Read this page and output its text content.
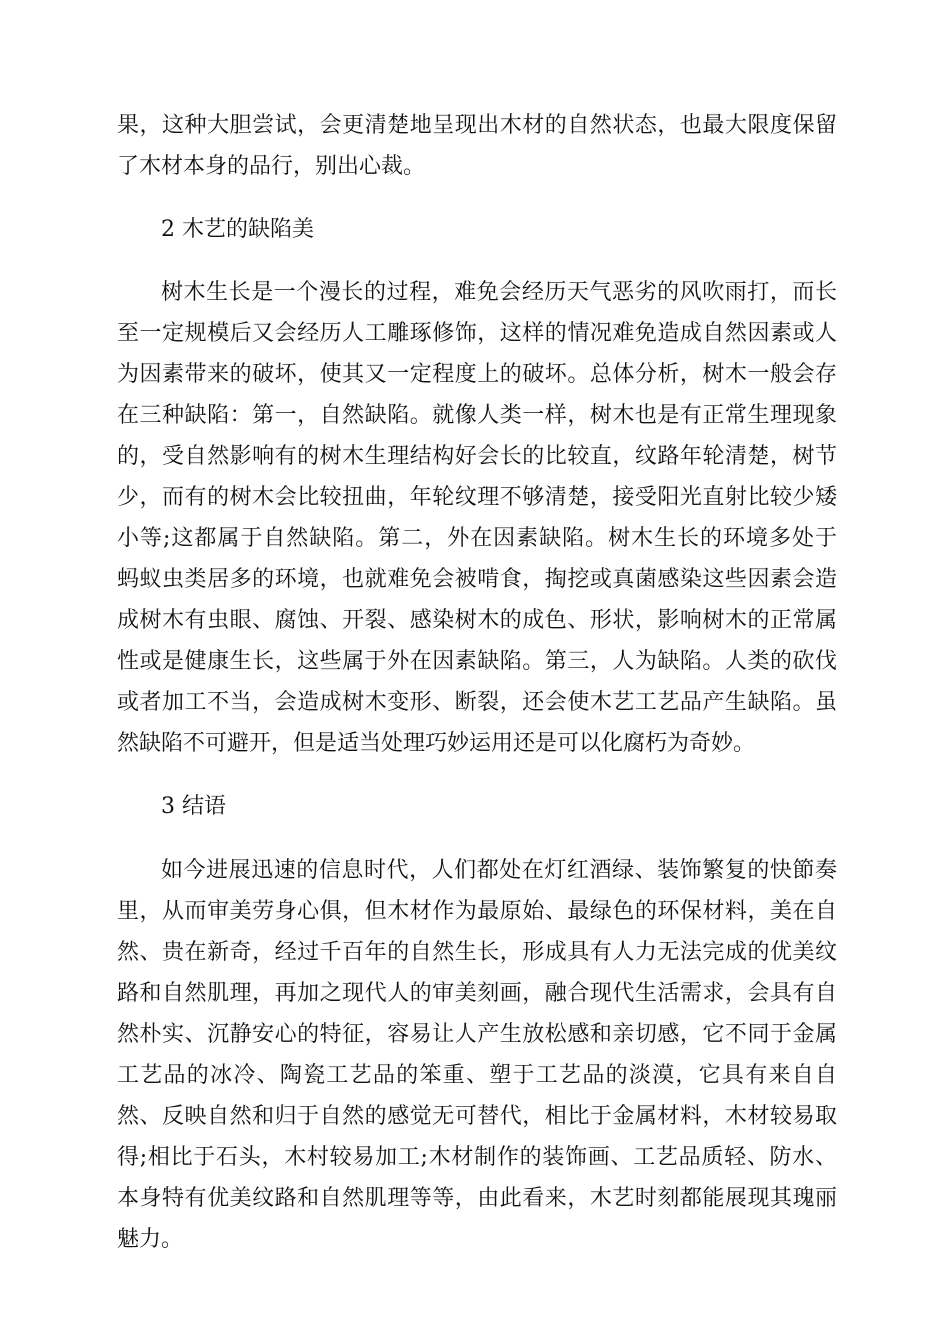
果，这种大胆尝试，会更清楚地呈现出木材的自然状态，也最大限度保留
了木材本身的品行，别出心裁。
2 木艺的缺陷美
树木生长是一个漫长的过程，难免会经历天气恶劣的风吹雨打，而长
至一定规模后又会经历人工雕琢修饰，这样的情况难免造成自然因素或人
为因素带来的破坏，使其又一定程度上的破坏。总体分析，树木一般会存
在三种缺陷：第一，自然缺陷。就像人类一样，树木也是有正常生理现象
的，受自然影响有的树木生理结构好会长的比较直，纹路年轮清楚，树节
少，而有的树木会比较扭曲，年轮纹理不够清楚，接受阳光直射比较少矮
小等;这都属于自然缺陷。第二，外在因素缺陷。树木生长的环境多处于
蚂蚁虫类居多的环境，也就难免会被啃食，掏挖或真菌感染这些因素会造
成树木有虫眼、腐蚀、开裂、感染树木的成色、形状，影响树木的正常属
性或是健康生长，这些属于外在因素缺陷。第三，人为缺陷。人类的砍伐
或者加工不当，会造成树木变形、断裂，还会使木艺工艺品产生缺陷。虽
然缺陷不可避开，但是适当处理巧妙运用还是可以化腐朽为奇妙。
3 结语
如今进展迅速的信息时代，人们都处在灯红酒绿、装饰繁复的快節奏
里，从而审美劳身心俱，但木材作为最原始、最绿色的环保材料，美在自
然、贵在新奇，经过千百年的自然生长，形成具有人力无法完成的优美纹
路和自然肌理，再加之现代人的审美刻画，融合现代生活需求，会具有自
然朴实、沉静安心的特征，容易让人产生放松感和亲切感，它不同于金属
工艺品的冰冷、陶瓷工艺品的笨重、塑于工艺品的淡漠，它具有来自自
然、反映自然和归于自然的感觉无可替代，相比于金属材料，木材较易取
得;相比于石头，木村较易加工;木材制作的装饰画、工艺品质轻、防水、
本身特有优美纹路和自然肌理等等，由此看来，木艺时刻都能展现其瑰丽
魅力。
